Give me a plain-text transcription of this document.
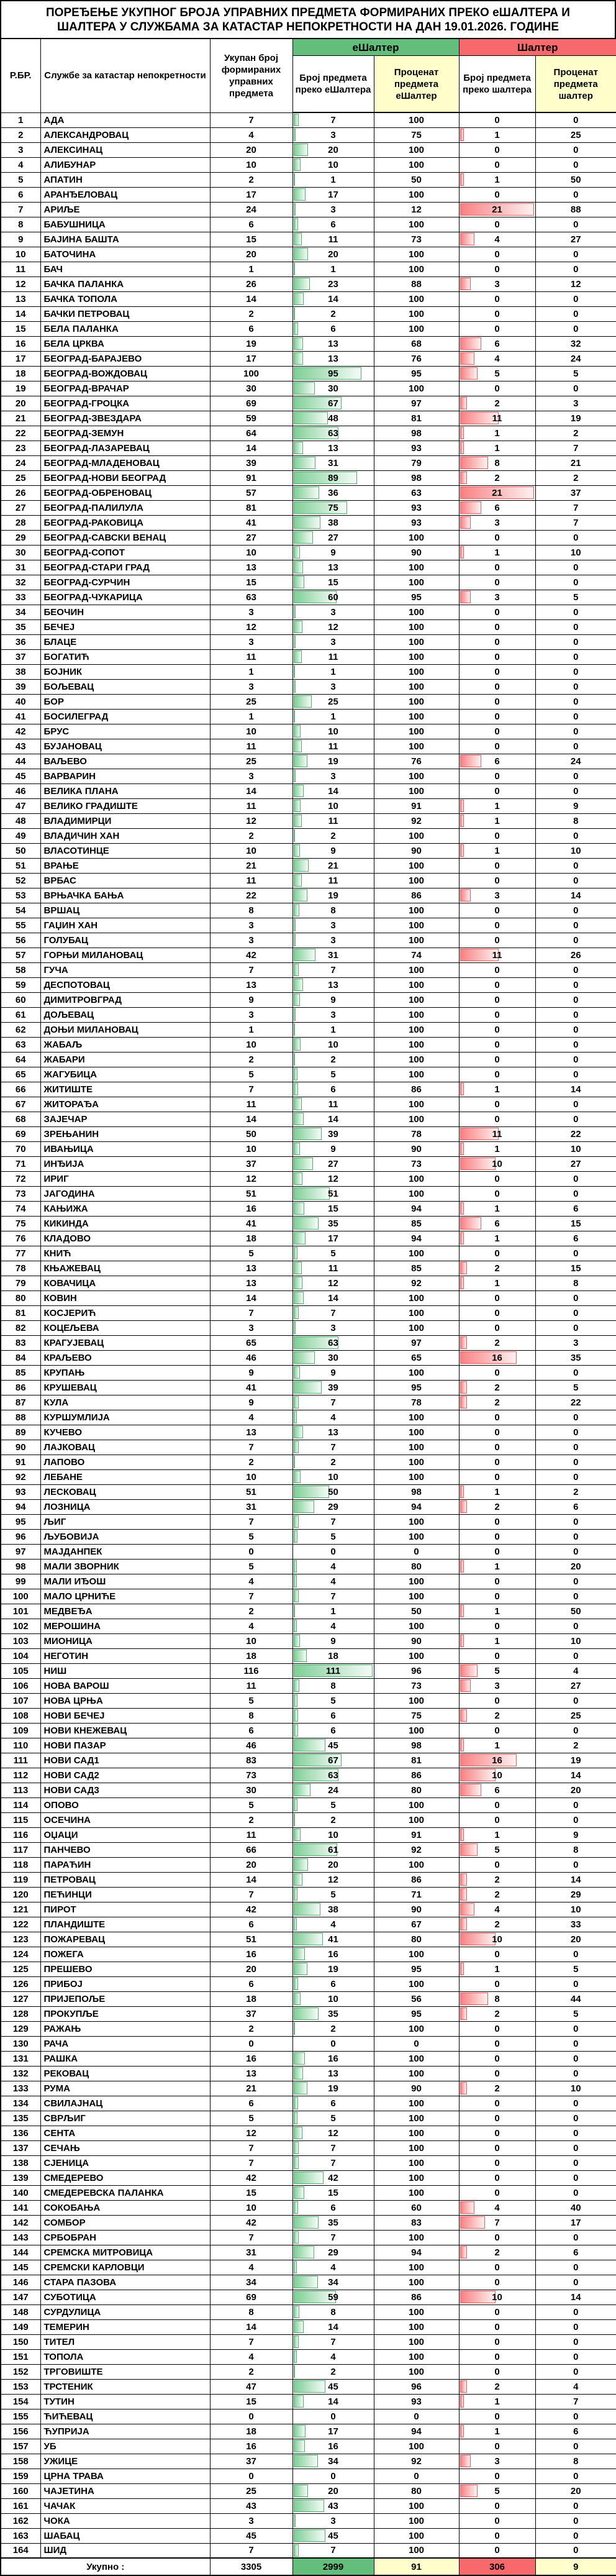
ПОРЕЂЕЊЕ УКУПНОГ БРОЈА УПРАВНИХ ПРЕДМЕТА ФОРМИРАНИХ ПРЕКО еШАЛТЕРА И ШАЛТЕРА У СЛУЖБАМА ЗА КАТАСТАР НЕПОКРЕТНОСТИ НА ДАН 19.01.2026. ГОДИНЕ
Р.БР.	Службе за катастар непокретности	Укупан број формираних управних предмета	еШалтер		Шалтер	
			Број предмета преко еШалтера	Проценат предмета еШалтер	Број предмета преко шалтера	Проценат предмета шалтер
1	АДА	7	7	100	0	0
2	АЛЕКСАНДРОВАЦ	4	3	75	1	25
3	АЛЕКСИНАЦ	20	20	100	0	0
4	АЛИБУНАР	10	10	100	0	0
5	АПАТИН	2	1	50	1	50
6	АРАНЂЕЛОВАЦ	17	17	100	0	0
7	АРИЉЕ	24	3	12	21	88
8	БАБУШНИЦА	6	6	100	0	0
9	БАЈИНА БАШТА	15	11	73	4	27
10	БАТОЧИНА	20	20	100	0	0
11	БАЧ	1	1	100	0	0
12	БАЧКА ПАЛАНКА	26	23	88	3	12
13	БАЧКА ТОПОЛА	14	14	100	0	0
14	БАЧКИ ПЕТРОВАЦ	2	2	100	0	0
15	БЕЛА ПАЛАНКА	6	6	100	0	0
16	БЕЛА ЦРКВА	19	13	68	6	32
17	БЕОГРАД-БАРАЈЕВО	17	13	76	4	24
18	БЕОГРАД-ВОЖДОВАЦ	100	95	95	5	5
19	БЕОГРАД-ВРАЧАР	30	30	100	0	0
20	БЕОГРАД-ГРОЦКА	69	67	97	2	3
21	БЕОГРАД-ЗВЕЗДАРА	59	48	81	11	19
22	БЕОГРАД-ЗЕМУН	64	63	98	1	2
23	БЕОГРАД-ЛАЗАРЕВАЦ	14	13	93	1	7
24	БЕОГРАД-МЛАДЕНОВАЦ	39	31	79	8	21
25	БЕОГРАД-НОВИ БЕОГРАД	91	89	98	2	2
26	БЕОГРАД-ОБРЕНОВАЦ	57	36	63	21	37
27	БЕОГРАД-ПАЛИЛУЛА	81	75	93	6	7
28	БЕОГРАД-РАКОВИЦА	41	38	93	3	7
29	БЕОГРАД-САВСКИ ВЕНАЦ	27	27	100	0	0
30	БЕОГРАД-СОПОТ	10	9	90	1	10
31	БЕОГРАД-СТАРИ ГРАД	13	13	100	0	0
32	БЕОГРАД-СУРЧИН	15	15	100	0	0
33	БЕОГРАД-ЧУКАРИЦА	63	60	95	3	5
34	БЕОЧИН	3	3	100	0	0
35	БЕЧЕЈ	12	12	100	0	0
36	БЛАЦЕ	3	3	100	0	0
37	БОГАТИЋ	11	11	100	0	0
38	БОЈНИК	1	1	100	0	0
39	БОЉЕВАЦ	3	3	100	0	0
40	БОР	25	25	100	0	0
41	БОСИЛЕГРАД	1	1	100	0	0
42	БРУС	10	10	100	0	0
43	БУЈАНОВАЦ	11	11	100	0	0
44	ВАЉЕВО	25	19	76	6	24
45	ВАРВАРИН	3	3	100	0	0
46	ВЕЛИКА ПЛАНА	14	14	100	0	0
47	ВЕЛИКО ГРАДИШТЕ	11	10	91	1	9
48	ВЛАДИМИРЦИ	12	11	92	1	8
49	ВЛАДИЧИН ХАН	2	2	100	0	0
50	ВЛАСОТИНЦЕ	10	9	90	1	10
51	ВРАЊЕ	21	21	100	0	0
52	ВРБАС	11	11	100	0	0
53	ВРЊАЧКА БАЊА	22	19	86	3	14
54	ВРШАЦ	8	8	100	0	0
55	ГАЏИН ХАН	3	3	100	0	0
56	ГОЛУБАЦ	3	3	100	0	0
57	ГОРЊИ МИЛАНОВАЦ	42	31	74	11	26
58	ГУЧА	7	7	100	0	0
59	ДЕСПОТОВАЦ	13	13	100	0	0
60	ДИМИТРОВГРАД	9	9	100	0	0
61	ДОЉЕВАЦ	3	3	100	0	0
62	ДОЊИ МИЛАНОВАЦ	1	1	100	0	0
63	ЖАБАЉ	10	10	100	0	0
64	ЖАБАРИ	2	2	100	0	0
65	ЖАГУБИЦА	5	5	100	0	0
66	ЖИТИШТЕ	7	6	86	1	14
67	ЖИТОРАЂА	11	11	100	0	0
68	ЗАЈЕЧАР	14	14	100	0	0
69	ЗРЕЊАНИН	50	39	78	11	22
70	ИВАЊИЦА	10	9	90	1	10
71	ИНЂИЈА	37	27	73	10	27
72	ИРИГ	12	12	100	0	0
73	ЈАГОДИНА	51	51	100	0	0
74	КАЊИЖА	16	15	94	1	6
75	КИКИНДА	41	35	85	6	15
76	КЛАДОВО	18	17	94	1	6
77	КНИЋ	5	5	100	0	0
78	КЊАЖЕВАЦ	13	11	85	2	15
79	КОВАЧИЦА	13	12	92	1	8
80	КОВИН	14	14	100	0	0
81	КОСЈЕРИЋ	7	7	100	0	0
82	КОЦЕЉЕВА	3	3	100	0	0
83	КРАГУЈЕВАЦ	65	63	97	2	3
84	КРАЉЕВО	46	30	65	16	35
85	КРУПАЊ	9	9	100	0	0
86	КРУШЕВАЦ	41	39	95	2	5
87	КУЛА	9	7	78	2	22
88	КУРШУМЛИЈА	4	4	100	0	0
89	КУЧЕВО	13	13	100	0	0
90	ЛАЈКОВАЦ	7	7	100	0	0
91	ЛАПОВО	2	2	100	0	0
92	ЛЕБАНЕ	10	10	100	0	0
93	ЛЕСКОВАЦ	51	50	98	1	2
94	ЛОЗНИЦА	31	29	94	2	6
95	ЉИГ	7	7	100	0	0
96	ЉУБОВИЈА	5	5	100	0	0
97	МАЈДАНПЕК	0	0	0	0	0
98	МАЛИ ЗВОРНИК	5	4	80	1	20
99	МАЛИ ИЂОШ	4	4	100	0	0
100	МАЛО ЦРНИЋЕ	7	7	100	0	0
101	МЕДВЕЂА	2	1	50	1	50
102	МЕРОШИНА	4	4	100	0	0
103	МИОНИЦА	10	9	90	1	10
104	НЕГОТИН	18	18	100	0	0
105	НИШ	116	111	96	5	4
106	НОВА ВАРОШ	11	8	73	3	27
107	НОВА ЦРЊА	5	5	100	0	0
108	НОВИ БЕЧЕЈ	8	6	75	2	25
109	НОВИ КНЕЖЕВАЦ	6	6	100	0	0
110	НОВИ ПАЗАР	46	45	98	1	2
111	НОВИ САД1	83	67	81	16	19
112	НОВИ САД2	73	63	86	10	14
113	НОВИ САД3	30	24	80	6	20
114	ОПОВО	5	5	100	0	0
115	ОСЕЧИНА	2	2	100	0	0
116	ОЏАЦИ	11	10	91	1	9
117	ПАНЧЕВО	66	61	92	5	8
118	ПАРАЋИН	20	20	100	0	0
119	ПЕТРОВАЦ	14	12	86	2	14
120	ПЕЋИНЦИ	7	5	71	2	29
121	ПИРОТ	42	38	90	4	10
122	ПЛАНДИШТЕ	6	4	67	2	33
123	ПОЖАРЕВАЦ	51	41	80	10	20
124	ПОЖЕГА	16	16	100	0	0
125	ПРЕШЕВО	20	19	95	1	5
126	ПРИБОЈ	6	6	100	0	0
127	ПРИЈЕПОЉЕ	18	10	56	8	44
128	ПРОКУПЉЕ	37	35	95	2	5
129	РАЖАЊ	2	2	100	0	0
130	РАЧА	0	0	0	0	0
131	РАШКА	16	16	100	0	0
132	РЕКОВАЦ	13	13	100	0	0
133	РУМА	21	19	90	2	10
134	СВИЛАЈНАЦ	6	6	100	0	0
135	СВРЉИГ	5	5	100	0	0
136	СЕНТА	12	12	100	0	0
137	СЕЧАЊ	7	7	100	0	0
138	СЈЕНИЦА	7	7	100	0	0
139	СМЕДЕРЕВО	42	42	100	0	0
140	СМЕДЕРЕВСКА ПАЛАНКА	15	15	100	0	0
141	СОКОБАЊА	10	6	60	4	40
142	СОМБОР	42	35	83	7	17
143	СРБОБРАН	7	7	100	0	0
144	СРЕМСКА МИТРОВИЦА	31	29	94	2	6
145	СРЕМСКИ КАРЛОВЦИ	4	4	100	0	0
146	СТАРА ПАЗОВА	34	34	100	0	0
147	СУБОТИЦА	69	59	86	10	14
148	СУРДУЛИЦА	8	8	100	0	0
149	ТЕМЕРИН	14	14	100	0	0
150	ТИТЕЛ	7	7	100	0	0
151	ТОПОЛА	4	4	100	0	0
152	ТРГОВИШТЕ	2	2	100	0	0
153	ТРСТЕНИК	47	45	96	2	4
154	ТУТИН	15	14	93	1	7
155	ЋИЋЕВАЦ	0	0	0	0	0
156	ЋУПРИЈА	18	17	94	1	6
157	УБ	16	16	100	0	0
158	УЖИЦЕ	37	34	92	3	8
159	ЦРНА ТРАВА	0	0	0	0	0
160	ЧАЈЕТИНА	25	20	80	5	20
161	ЧАЧАК	43	43	100	0	0
162	ЧОКА	3	3	100	0	0
163	ШАБАЦ	45	45	100	0	0
164	ШИД	7	7	100	0	0
Укупно :		3305	2999	91	306	9
